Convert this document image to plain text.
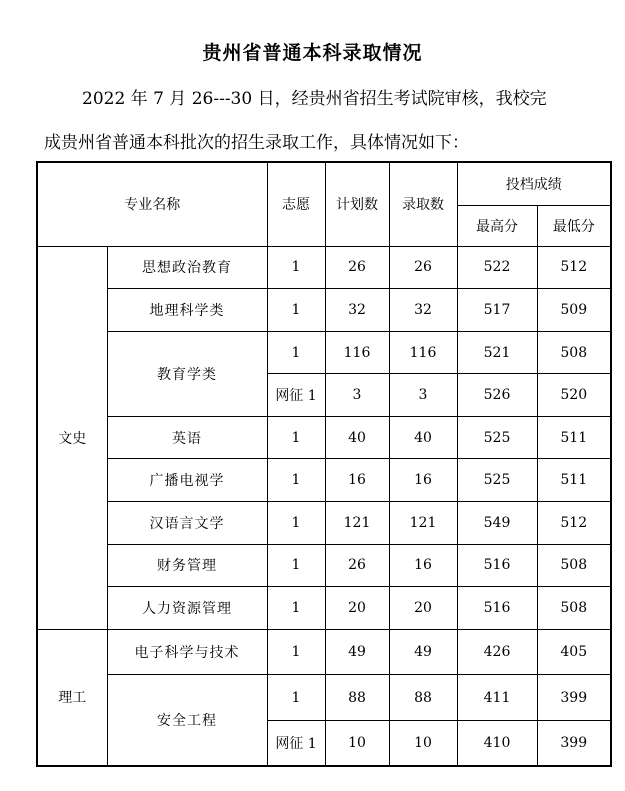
贵州省普通本科录取情况
2022 年 7 月 26---30 日，经贵州省招生考试院审核，我校完
成贵州省普通本科批次的招生录取工作，具体情况如下：
专业名称		志愿	计划数	录取数	投档成绩	
					最高分	最低分
文史	思想政治教育	1	26	26	522	512
	地理科学类	1	32	32	517	509
	教育学类	1	116	116	521	508
		网征 1	3	3	526	520
	英语	1	40	40	525	511
	广播电视学	1	16	16	525	511
	汉语言文学	1	121	121	549	512
	财务管理	1	26	16	516	508
	人力资源管理	1	20	20	516	508
理工	电子科学与技术	1	49	49	426	405
	安全工程	1	88	88	411	399
		网征 1	10	10	410	399
